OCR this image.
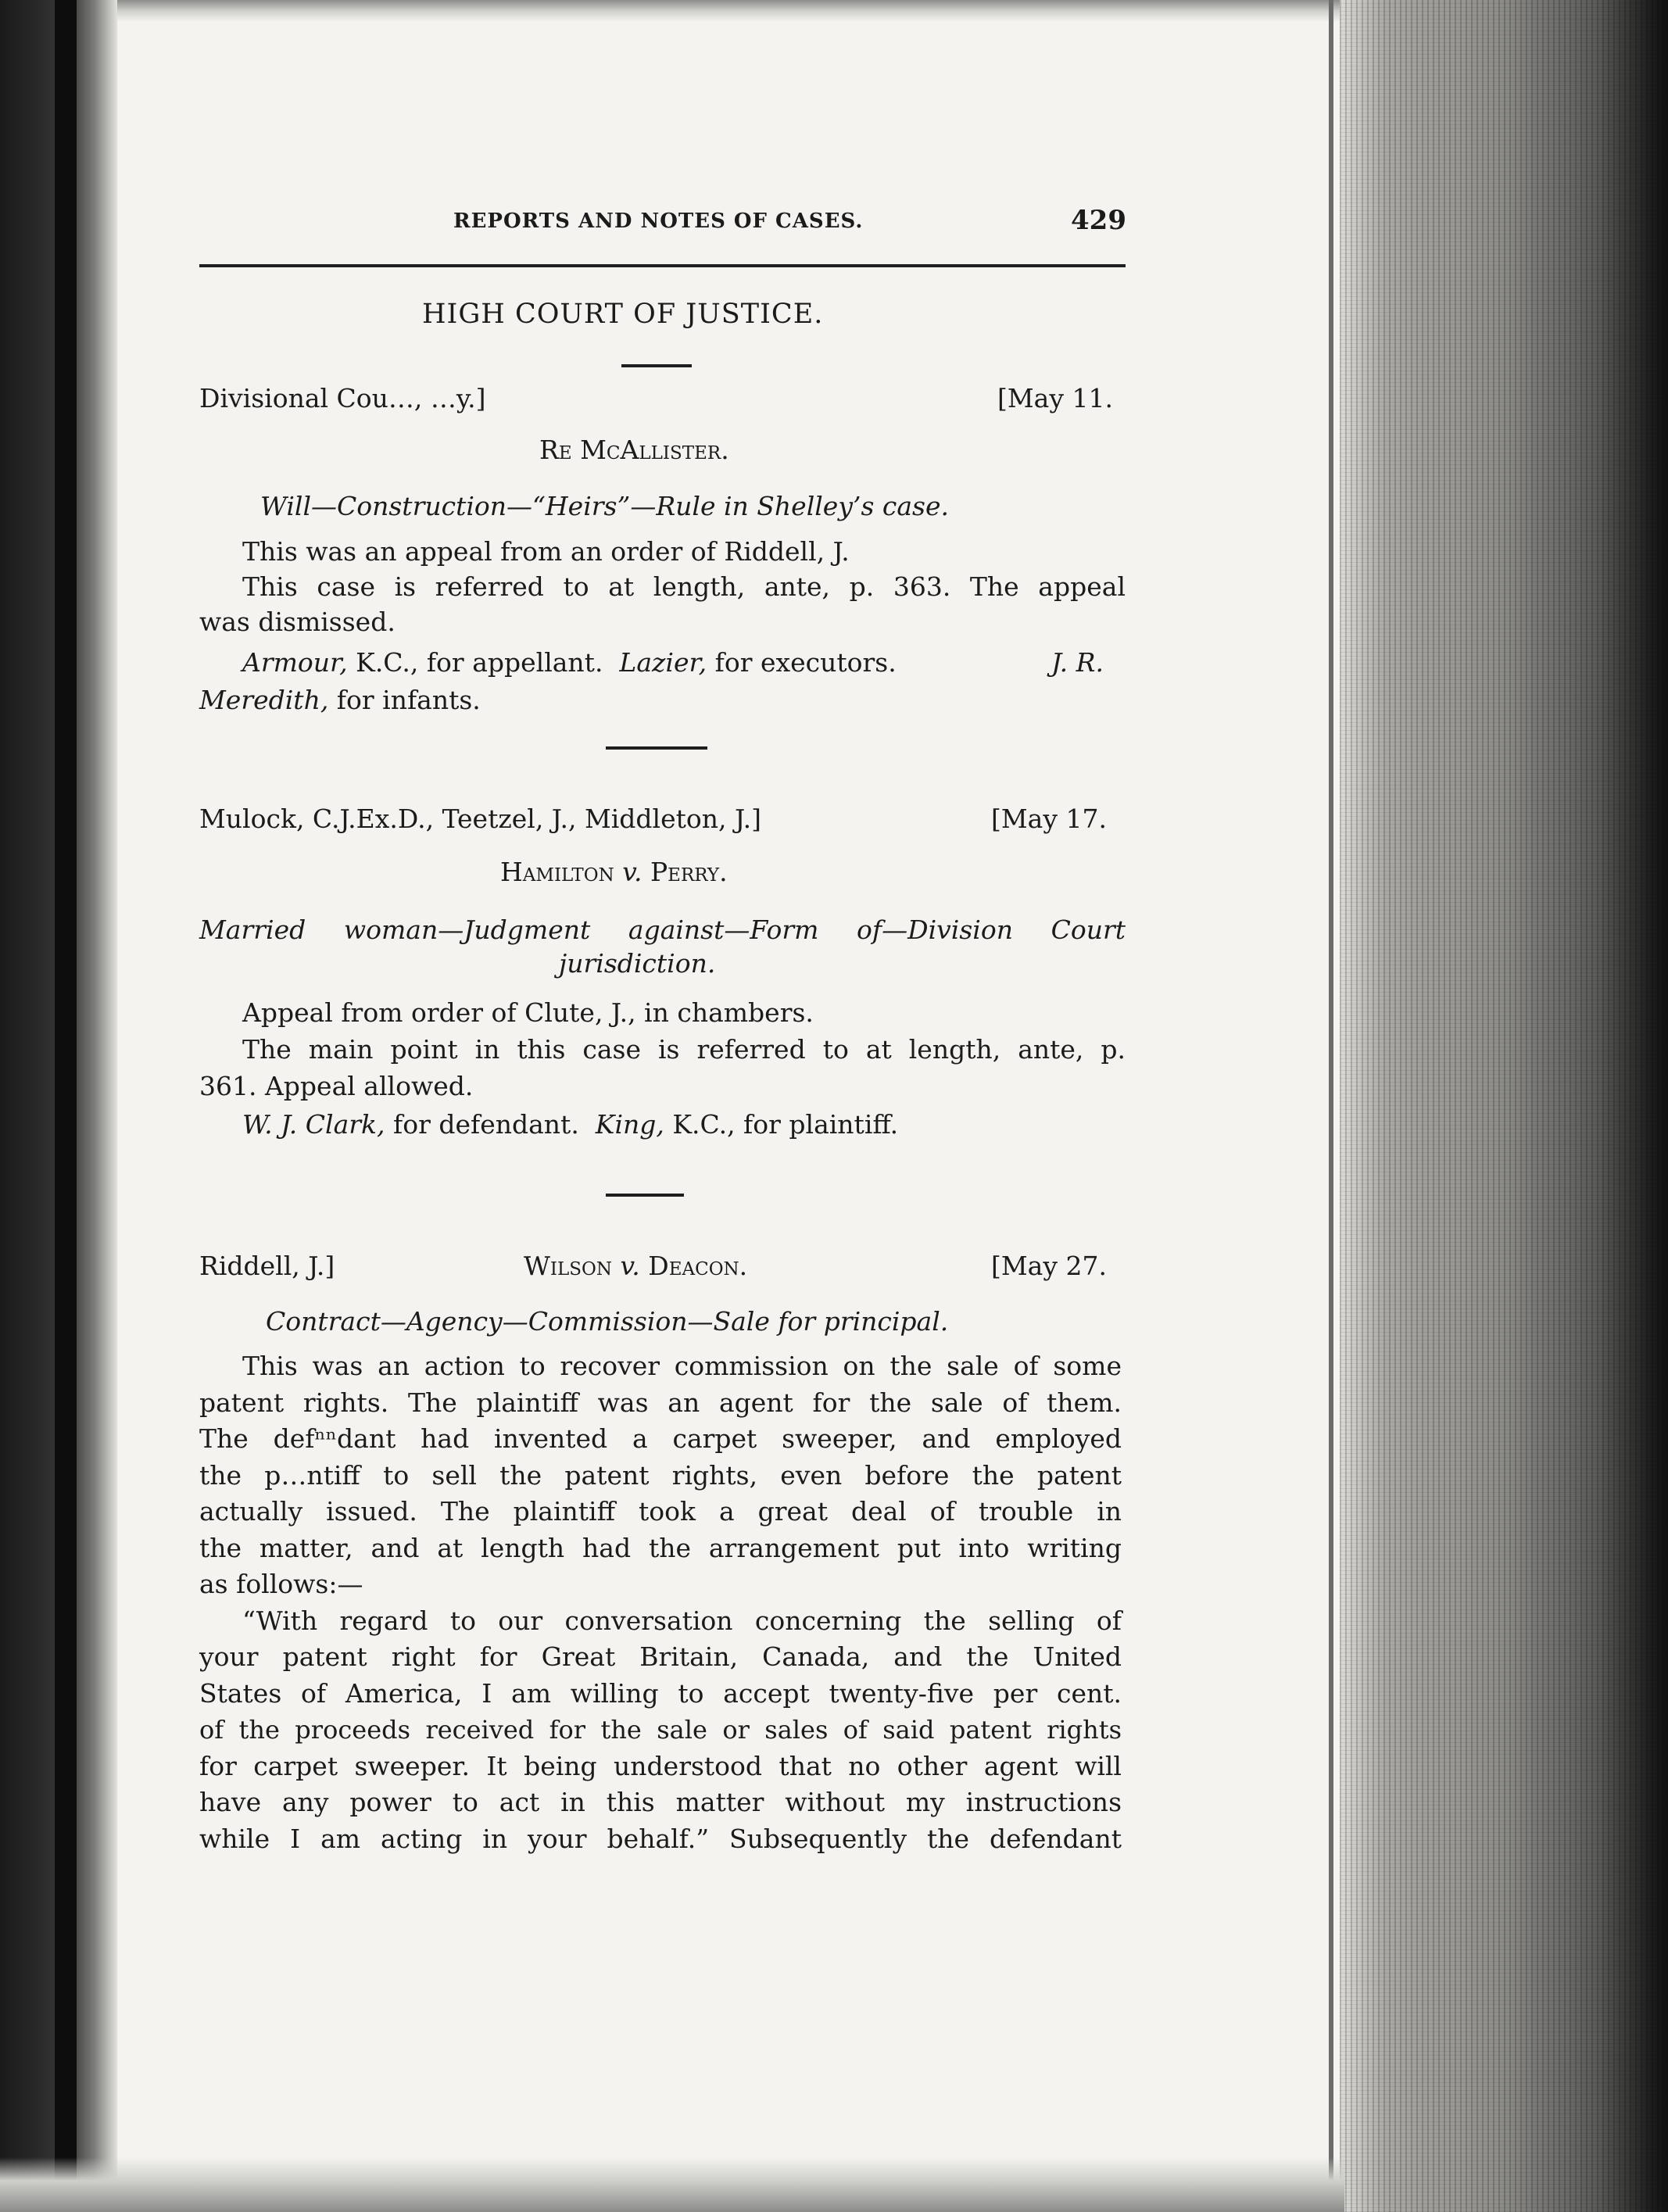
REPORTS AND NOTES OF CASES.	429
HIGH COURT OF JUSTICE.
Divisional Cou…, …y.]	[May 11.
Re McAllister.
Will—Construction—“Heirs”—Rule in Shelley’s case.
This was an appeal from an order of Riddell, J.
This case is referred to at length, ante, p. 363. The appeal
was dismissed.
Armour, K.C., for appellant. Lazier, for executors.	J. R.
Meredith, for infants.
Mulock, C.J.Ex.D., Teetzel, J., Middleton, J.]	[May 17.
Hamilton v. Perry.
Married woman—Judgment against—Form of—Division Court
jurisdiction.
Appeal from order of Clute, J., in chambers.
The main point in this case is referred to at length, ante, p.
361. Appeal allowed.
W. J. Clark, for defendant. King, K.C., for plaintiff.
Riddell, J.]	Wilson v. Deacon.	[May 27.
Contract—Agency—Commission—Sale for principal.
This was an action to recover commission on the sale of some
patent rights. The plaintiff was an agent for the sale of them.
The defⁿⁿdant had invented a carpet sweeper, and employed
the p…ntiff to sell the patent rights, even before the patent
actually issued. The plaintiff took a great deal of trouble in
the matter, and at length had the arrangement put into writing
as follows:—
“With regard to our conversation concerning the selling of
your patent right for Great Britain, Canada, and the United
States of America, I am willing to accept twenty-five per cent.
of the proceeds received for the sale or sales of said patent rights
for carpet sweeper. It being understood that no other agent will
have any power to act in this matter without my instructions
while I am acting in your behalf.” Subsequently the defendant
